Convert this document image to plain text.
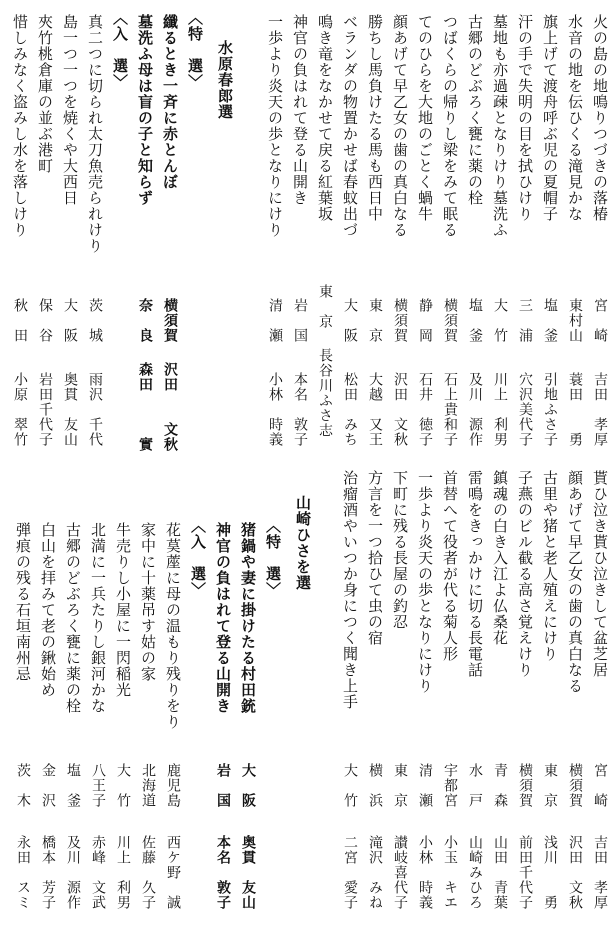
火の島の地鳴りつづきの落椿
水音の地を伝ひくる滝見かな
旗上げて渡舟呼ぶ児の夏帽子
汗の手で失明の目を拭ひけり
墓地も亦過疎となりけり墓洗ふ
古郷のどぶろく甕に薬の栓
つばくらの帰りし梁をみて眠る
てのひらを大地のごとく蝸牛
顔あげて早乙女の歯の真白なる
勝ちし馬負けたる馬も西日中
ベランダの物置かせば春蚊出づ
鳴き竜をなかせて戻る紅葉坂
神官の負はれて登る山開き
一歩より炎天の歩となりにけり
水原春郎選
〈特　選〉
纖るとき一斉に赤とんぼ
墓洗ふ母は盲の子と知らず
〈入　選〉
真二つに切られ太刀魚売られけり
島一つ一つを焼くや大西日
夾竹桃倉庫の並ぶ港町
惜しみなく盗みし水を落しけり
宮　崎
吉田　孝厚
東村山
蓑田　　勇
塩　釜
引地ふさ子
三　浦
穴沢美代子
大　竹
川上　利男
塩　釜
及川　源作
横須賀
石上貴和子
静　岡
石井　徳子
横須賀
沢田　文秋
東　京
大越　又王
大　阪
松田　みち
東　京
長谷川ふさ志
岩　国
本名　敦子
清　瀬
小林　時義
横須賀
沢田　　文秋
奈　良
森田　　　實
茨　城
雨沢　千代
大　阪
奥貫　友山
保　谷
岩田千代子
秋　田
小原　翠竹
貰ひ泣き貰ひ泣きして盆芝居
顔あげて早乙女の歯の真白なる
古里や猪と老人殖えにけり
子燕のビル截る高さ覚えけり
鎮魂の白き入江よ仏桑花
雷鳴をきっかけに切る長電話
首替へて役者が代る菊人形
一歩より炎天の歩となりにけり
下町に残る長屋の釣忍
方言を一つ拾ひて虫の宿
治瘤酒やいつか身につく聞き上手
山崎ひさを選
〈特　選〉
猪鍋や妻に掛けたる村田銃
神官の負はれて登る山開き
〈入　選〉
花茣蓙に母の温もり残りをり
家中に十薬吊す姑の家
牛売りし小屋に一閃稲光
北満に一兵たりし銀河かな
古郷のどぶろく甕に薬の栓
白山を拝みて老の鍬始め
弾痕の残る石垣南州忌
宮　崎
吉田　孝厚
横須賀
沢田　文秋
東　京
浅川　　勇
横須賀
前田千代子
青　森
山田　青葉
水　戸
山崎みひろ
宇都宮
小玉　キエ
清　瀬
小林　時義
東　京
讃岐喜代子
横　浜
滝沢　みね
大　竹
二宮　愛子
大　阪
奥貫　友山
岩　国
本名　敦子
鹿児島
西ケ野　誠
北海道
佐藤　久子
大　竹
川上　利男
八王子
赤峰　文武
塩　釜
及川　源作
金　沢
橋本　芳子
茨　木
永田　スミ
